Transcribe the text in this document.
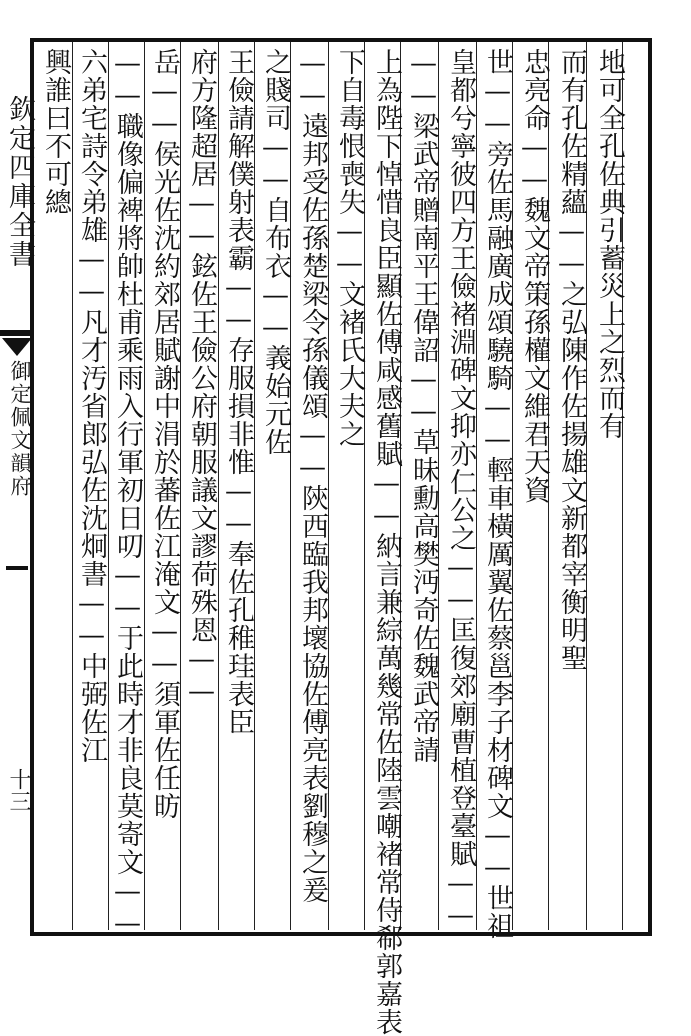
欽定四庫全書
御定佩文韻府
十三
地可全孔佐典引蓄災上之烈而有
而有孔佐精蘊——之弘陳作佐揚雄文新都宰衡明聖
忠亮命——魏文帝策孫權文維君天資
世——旁佐馬融廣成頌驍騎——輕車橫厲翼佐蔡邕李子材碑文——世祖
皇都兮寧彼四方王儉褚淵碑文抑亦仁公之——匡復郊廟曹植登臺賦——
——梁武帝贈南平王偉詔——草昧勳高樊沔奇佐魏武帝請
上為陛下悼惜良臣顯佐傅咸感舊賦——納言兼綜萬幾常佐陸雲嘲褚常侍郗郭嘉表
下自毒恨喪失——文褚氏大夫之
——遠邦受佐孫楚梁令孫儀頌——陝西臨我邦壞協佐傅亮表劉穆之爰
之賤司——自布衣——義始元佐
王儉請解僕射表霸——存服損非惟——奉佐孔稚珪表臣
府方隆超居——鉉佐王儉公府朝服議文謬荷殊恩——
岳——侯光佐沈約郊居賦謝中涓於蕃佐江淹文——須軍佐任昉
——職像偏裨將帥杜甫乘雨入行軍初日叨——于此時才非良莫寄文——
六弟宅詩令弟雄——凡才汚省郎弘佐沈炯書——中弼佐江
興誰曰不可總
